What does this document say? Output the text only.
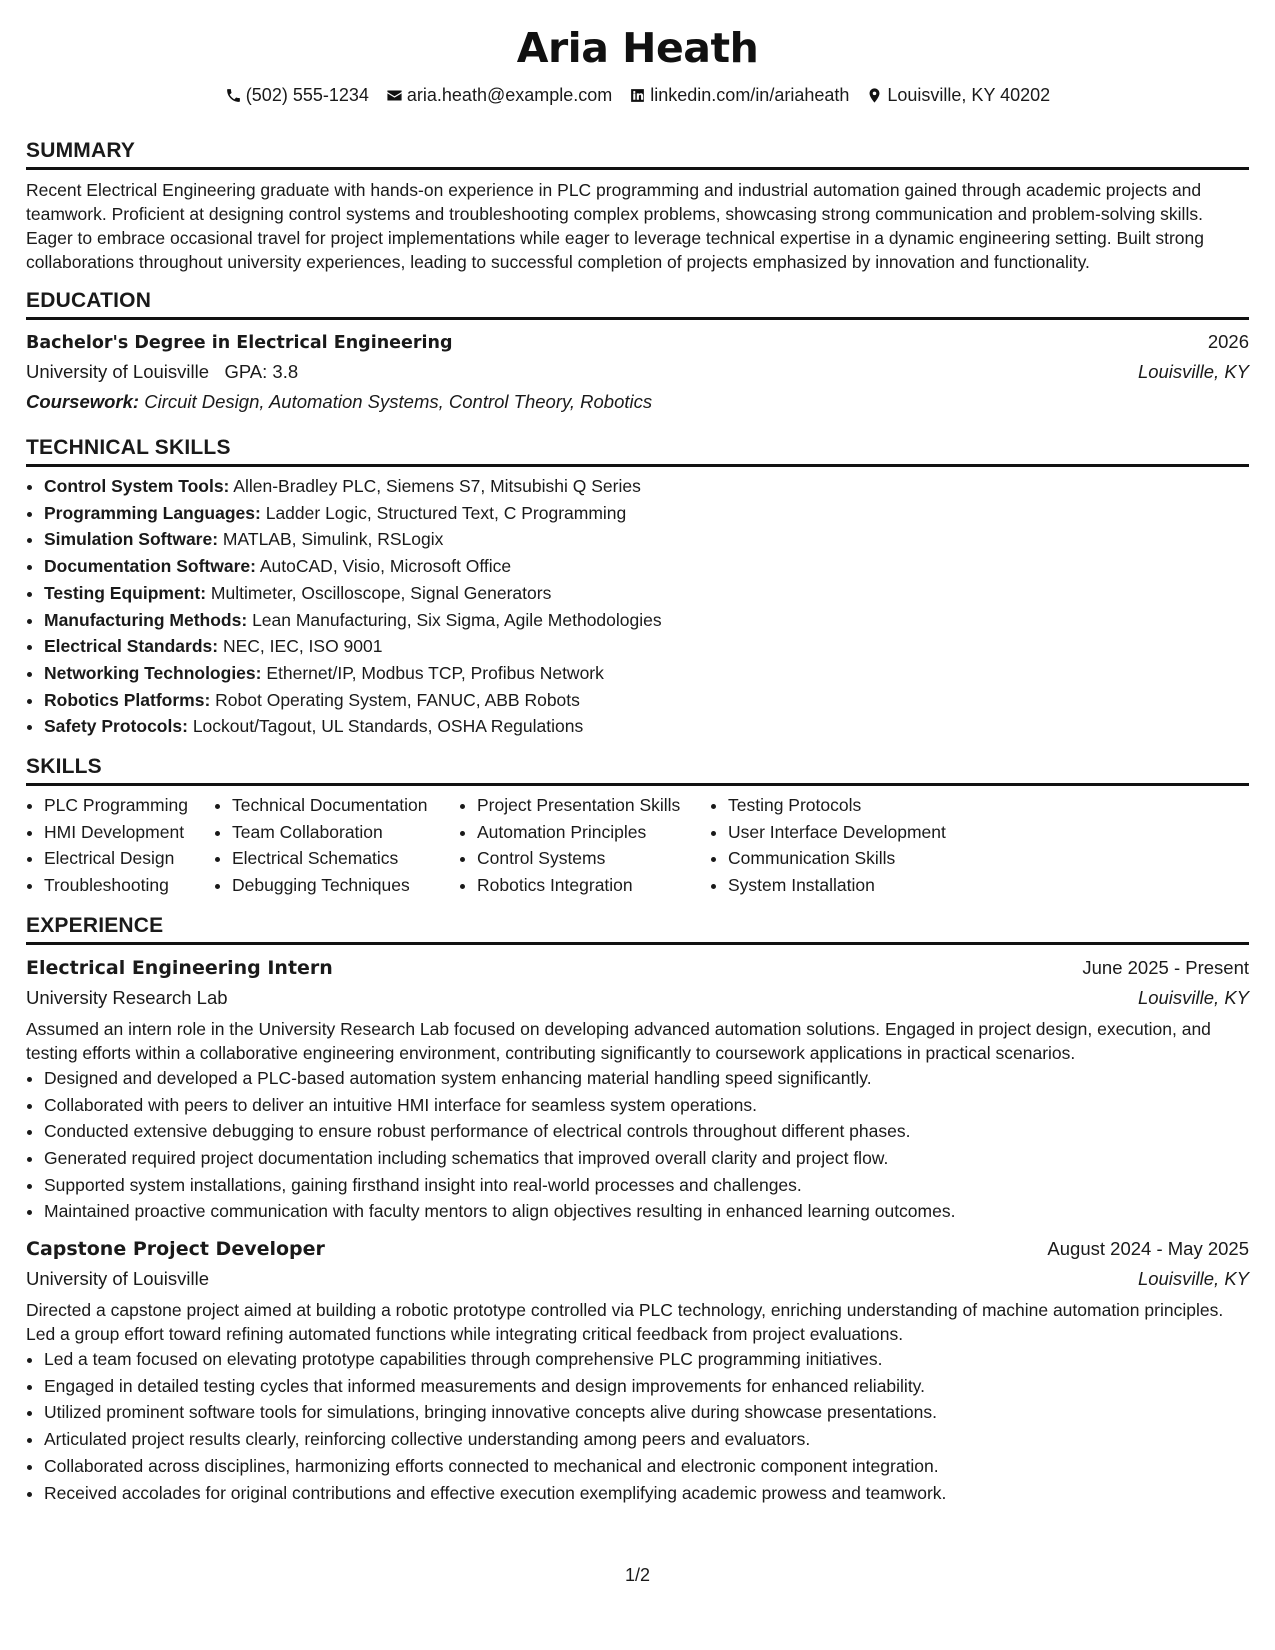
Aria Heath
(502) 555-1234 aria.heath@example.com linkedin.com/in/ariaheath Louisville, KY 40202
SUMMARY

Recent Electrical Engineering graduate with hands-on experience in PLC programming and industrial automation gained through academic projects and teamwork. Proficient at designing control systems and troubleshooting complex problems, showcasing strong communication and problem-solving skills. Eager to embrace occasional travel for project implementations while eager to leverage technical expertise in a dynamic engineering setting. Built strong collaborations throughout university experiences, leading to successful completion of projects emphasized by innovation and functionality.

EDUCATION
Bachelor's Degree in Electrical Engineering	2026
University of Louisville GPA: 3.8	Louisville, KY
Coursework: Circuit Design, Automation Systems, Control Theory, Robotics
TECHNICAL SKILLS
• Control System Tools: Allen-Bradley PLC, Siemens S7, Mitsubishi Q Series
• Programming Languages: Ladder Logic, Structured Text, C Programming
• Simulation Software: MATLAB, Simulink, RSLogix
• Documentation Software: AutoCAD, Visio, Microsoft Office
• Testing Equipment: Multimeter, Oscilloscope, Signal Generators
• Manufacturing Methods: Lean Manufacturing, Six Sigma, Agile Methodologies
• Electrical Standards: NEC, IEC, ISO 9001
• Networking Technologies: Ethernet/IP, Modbus TCP, Profibus Network
• Robotics Platforms: Robot Operating System, FANUC, ABB Robots
• Safety Protocols: Lockout/Tagout, UL Standards, OSHA Regulations
SKILLS
• PLC Programming
• HMI Development
• Electrical Design
• Troubleshooting
• Technical Documentation
• Team Collaboration
• Electrical Schematics
• Debugging Techniques
• Project Presentation Skills
• Automation Principles
• Control Systems
• Robotics Integration
• Testing Protocols
• User Interface Development
• Communication Skills
• System Installation
EXPERIENCE
Electrical Engineering Intern	June 2025 - Present
University Research Lab	Louisville, KY

Assumed an intern role in the University Research Lab focused on developing advanced automation solutions. Engaged in project design, execution, and testing efforts within a collaborative engineering environment, contributing significantly to coursework applications in practical scenarios.

• Designed and developed a PLC-based automation system enhancing material handling speed significantly.
• Collaborated with peers to deliver an intuitive HMI interface for seamless system operations.
• Conducted extensive debugging to ensure robust performance of electrical controls throughout different phases.
• Generated required project documentation including schematics that improved overall clarity and project flow.
• Supported system installations, gaining firsthand insight into real-world processes and challenges.
• Maintained proactive communication with faculty mentors to align objectives resulting in enhanced learning outcomes.
Capstone Project Developer	August 2024 - May 2025
University of Louisville	Louisville, KY

Directed a capstone project aimed at building a robotic prototype controlled via PLC technology, enriching understanding of machine automation principles. Led a group effort toward refining automated functions while integrating critical feedback from project evaluations.

• Led a team focused on elevating prototype capabilities through comprehensive PLC programming initiatives.
• Engaged in detailed testing cycles that informed measurements and design improvements for enhanced reliability.
• Utilized prominent software tools for simulations, bringing innovative concepts alive during showcase presentations.
• Articulated project results clearly, reinforcing collective understanding among peers and evaluators.
• Collaborated across disciplines, harmonizing efforts connected to mechanical and electronic component integration.
• Received accolades for original contributions and effective execution exemplifying academic prowess and teamwork.
1/2
